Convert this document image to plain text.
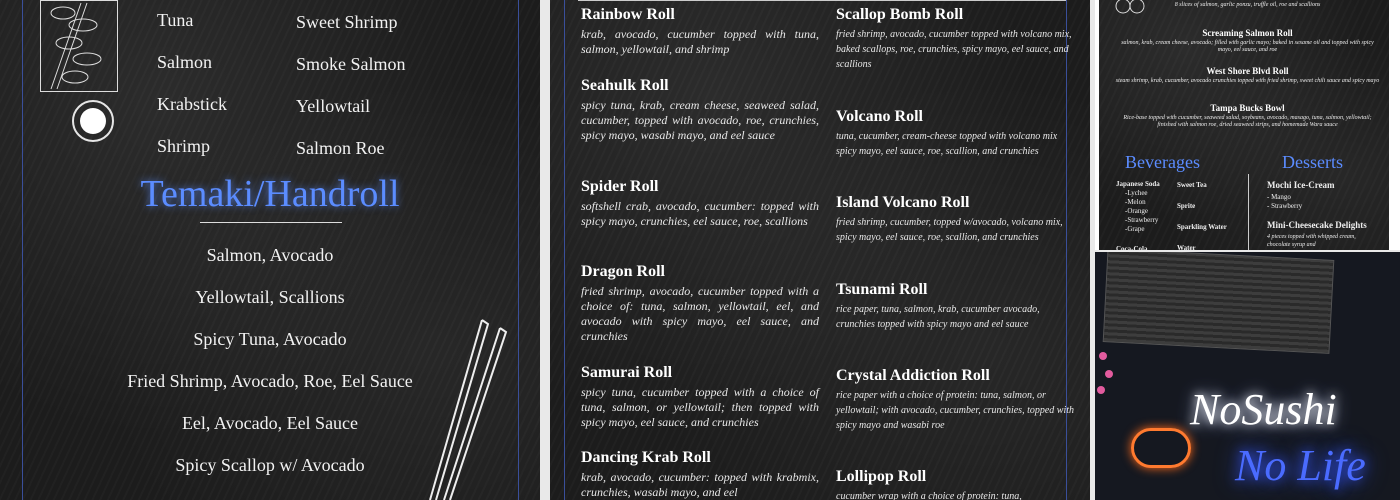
Tuna
Salmon
Krabstick
Shrimp
Sweet Shrimp
Smoke Salmon
Yellowtail
Salmon Roe
Temaki/Handroll
Salmon, Avocado
Yellowtail, Scallions
Spicy Tuna, Avocado
Fried Shrimp, Avocado, Roe, Eel Sauce
Eel, Avocado, Eel Sauce
Spicy Scallop w/ Avocado
Rainbow Roll
krab, avocado, cucumber topped with tuna, salmon, yellowtail, and shrimp
Seahulk Roll
spicy tuna, krab, cream cheese, seaweed salad, cucumber, topped with avocado, roe, crunchies, spicy mayo, wasabi mayo, and eel sauce
Spider Roll
softshell crab, avocado, cucumber: topped with spicy mayo, crunchies, eel sauce, roe, scallions
Dragon Roll
fried shrimp, avocado, cucumber topped with a choice of: tuna, salmon, yellowtail, eel, and avocado with spicy mayo, eel sauce, and crunchies
Samurai Roll
spicy tuna, cucumber topped with a choice of tuna, salmon, or yellowtail; then topped with spicy mayo, eel sauce, and crunchies
Dancing Krab Roll
krab, avocado, cucumber: topped with krabmix, crunchies, wasabi mayo, and eel
Scallop Bomb Roll
fried shrimp, avocado, cucumber topped with volcano mix, baked scallops, roe, crunchies, spicy mayo, eel sauce, and scallions
Volcano Roll
tuna, cucumber, cream-cheese topped with volcano mix spicy mayo, eel sauce, roe, scallion, and crunchies
Island Volcano Roll
fried shrimp, cucumber, topped w/avocado, volcano mix, spicy mayo, eel sauce, roe, scallion, and crunchies
Tsunami Roll
rice paper, tuna, salmon, krab, cucumber avocado, crunchies topped with spicy mayo and eel sauce
Crystal Addiction Roll
rice paper with a choice of protein: tuna, salmon, or yellowtail; with avocado, cucumber, crunchies, topped with spicy mayo and wasabi roe
Lollipop Roll
cucumber wrap with a choice of protein: tuna,
8 slices of salmon, garlic ponzu, truffle oil, roe and scallions
Screaming Salmon Roll
salmon, krab, cream cheese, avocado; filled with garlic mayo; baked in sesame oil and topped with spicy mayo, eel sauce, and roe
West Shore Blvd Roll
steam shrimp, krab, cucumber, avocado crunchies topped with fried shrimp, sweet chili sauce and spicy mayo
Tampa Bucks Bowl
Rice-base topped with cucumber, seaweed salad, soybeans, avocado, masago, tuna, salmon, yellowtail; finished with salmon roe, dried seaweed strips, and homemade Wara sauce
Beverages	Desserts
Japanese Soda
-Lychee
-Melon
-Orange
-Strawberry
-Grape
Sweet Tea
Sprite
Sparkling Water
Coca-Cola	Water
Mochi Ice-Cream
- Mango
- Strawberry
Mini-Cheesecake Delights
4 pieces topped with whipped cream, chocolate syrup and
NoSushi
No Life
